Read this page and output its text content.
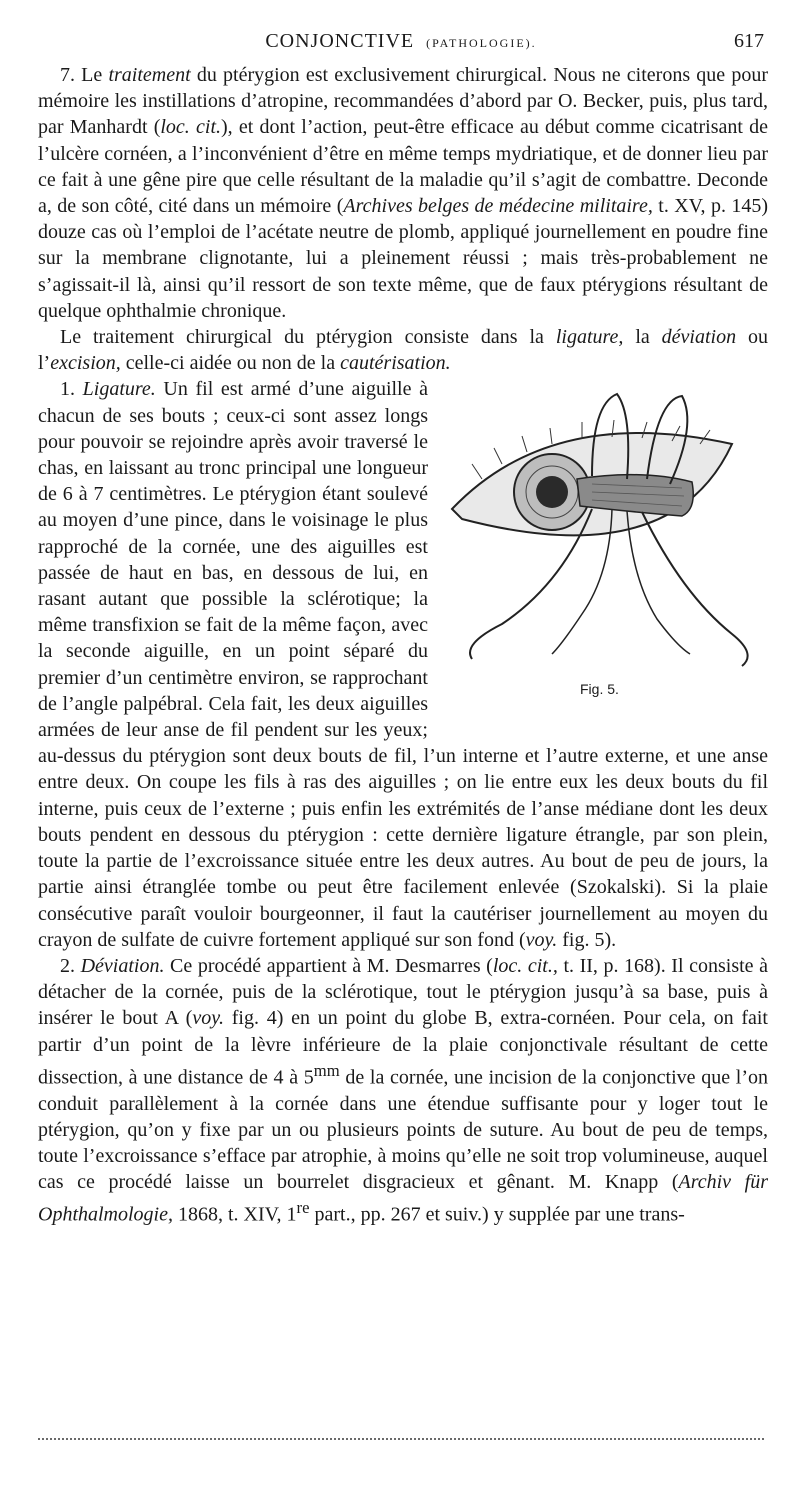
CONJONCTIVE (PATHOLOGIE).	617

7. Le traitement du ptérygion est exclusivement chirurgical. Nous ne citerons que pour mémoire les instillations d’atropine, recommandées d’abord par O. Becker, puis, plus tard, par Manhardt (loc. cit.), et dont l’action, peut-être efficace au début comme cicatrisant de l’ulcère cornéen, a l’inconvénient d’être en même temps mydriatique, et de donner lieu par ce fait à une gêne pire que celle résultant de la maladie qu’il s’agit de combattre. Deconde a, de son côté, cité dans un mémoire (Archives belges de médecine militaire, t. XV, p. 145) douze cas où l’emploi de l’acétate neutre de plomb, appliqué journellement en poudre fine sur la membrane clignotante, lui a pleinement réussi ; mais très-probablement ne s’agissait-il là, ainsi qu’il ressort de son texte même, que de faux ptérygions résultant de quelque ophthalmie chronique.

Le traitement chirurgical du ptérygion consiste dans la ligature, la déviation ou l’excision, celle-ci aidée ou non de la cautérisation.

Fig. 5.

1. Ligature. Un fil est armé d’une aiguille à chacun de ses bouts ; ceux-ci sont assez longs pour pouvoir se rejoindre après avoir traversé le chas, en laissant au tronc principal une longueur de 6 à 7 centimètres. Le ptérygion étant soulevé au moyen d’une pince, dans le voisinage le plus rapproché de la cornée, une des aiguilles est passée de haut en bas, en dessous de lui, en rasant autant que possible la sclérotique; la même transfixion se fait de la même façon, avec la seconde aiguille, en un point séparé du premier d’un centimètre environ, se rapprochant de l’angle palpébral. Cela fait, les deux aiguilles armées de leur anse de fil pendent sur les yeux; au-dessus du ptérygion sont deux bouts de fil, l’un interne et l’autre externe, et une anse entre deux. On coupe les fils à ras des aiguilles ; on lie entre eux les deux bouts du fil interne, puis ceux de l’externe ; puis enfin les extrémités de l’anse médiane dont les deux bouts pendent en dessous du ptérygion : cette dernière ligature étrangle, par son plein, toute la partie de l’excroissance située entre les deux autres. Au bout de peu de jours, la partie ainsi étranglée tombe ou peut être facilement enlevée (Szokalski). Si la plaie consécutive paraît vouloir bourgeonner, il faut la cautériser journellement au moyen du crayon de sulfate de cuivre fortement appliqué sur son fond (voy. fig. 5).

2. Déviation. Ce procédé appartient à M. Desmarres (loc. cit., t. II, p. 168). Il consiste à détacher de la cornée, puis de la sclérotique, tout le ptérygion jusqu’à sa base, puis à insérer le bout A (voy. fig. 4) en un point du globe B, extra-cornéen. Pour cela, on fait partir d’un point de la lèvre inférieure de la plaie conjonctivale résultant de cette dissection, à une distance de 4 à $5^{mm}$ de la cornée, une incision de la conjonctive que l’on conduit parallèlement à la cornée dans une étendue suffisante pour y loger tout le ptérygion, qu’on y fixe par un ou plusieurs points de suture. Au bout de peu de temps, toute l’excroissance s’efface par atrophie, à moins qu’elle ne soit trop volumineuse, auquel cas ce procédé laisse un bourrelet disgracieux et gênant. M. Knapp (Archiv für Ophthalmologie, 1868, t. XIV, 1re part., pp. 267 et suiv.) y supplée par une trans-
